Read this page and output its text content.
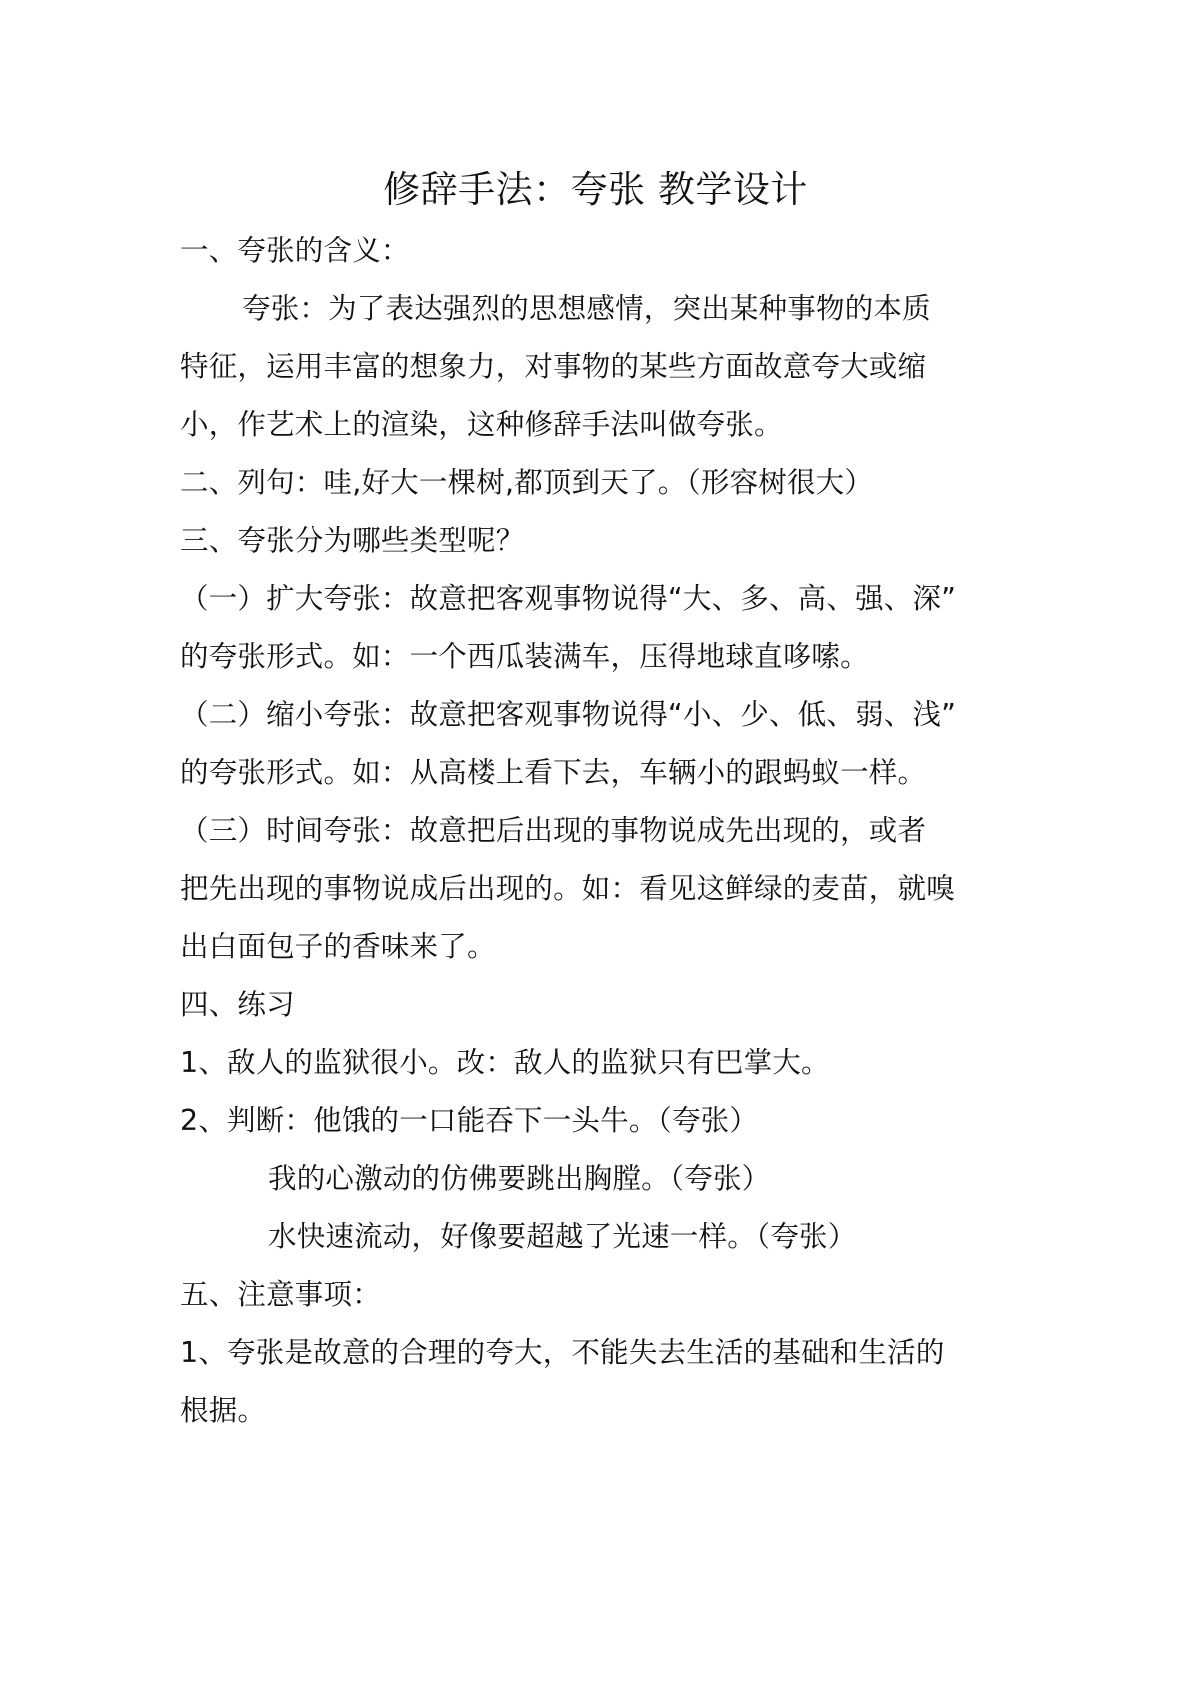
修辞手法：夸张 教学设计
一、夸张的含义：
夸张：为了表达强烈的思想感情，突出某种事物的本质
特征，运用丰富的想象力，对事物的某些方面故意夸大或缩
小，作艺术上的渲染，这种修辞手法叫做夸张。
二、列句：哇,好大一棵树,都顶到天了。（形容树很大）
三、夸张分为哪些类型呢？
（一）扩大夸张：故意把客观事物说得“大、多、高、强、深”
的夸张形式。如：一个西瓜装满车，压得地球直哆嗦。
（二）缩小夸张：故意把客观事物说得“小、少、低、弱、浅”
的夸张形式。如：从高楼上看下去，车辆小的跟蚂蚁一样。
（三）时间夸张：故意把后出现的事物说成先出现的，或者
把先出现的事物说成后出现的。如：看见这鲜绿的麦苗，就嗅
出白面包子的香味来了。
四、练习
1、敌人的监狱很小。改：敌人的监狱只有巴掌大。
2、判断：他饿的一口能吞下一头牛。（夸张）
我的心激动的仿佛要跳出胸膛。（夸张）
水快速流动，好像要超越了光速一样。（夸张）
五、注意事项：
1、夸张是故意的合理的夸大，不能失去生活的基础和生活的
根据。
